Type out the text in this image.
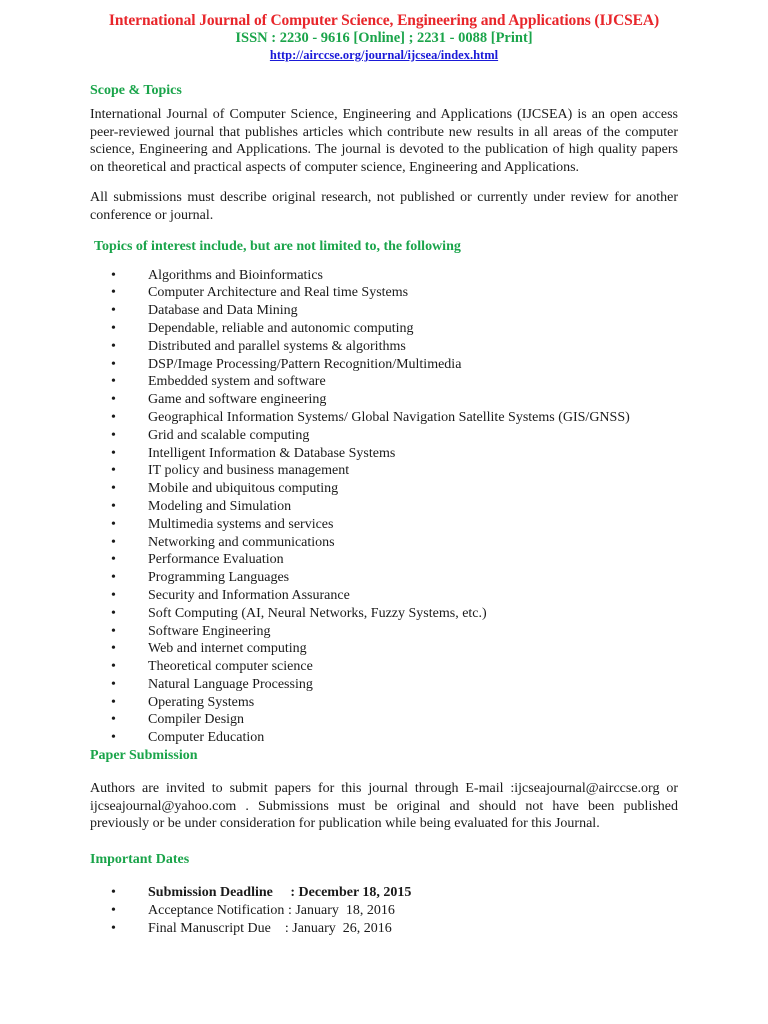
International Journal of Computer Science, Engineering and Applications (IJCSEA)
ISSN : 2230 - 9616 [Online] ; 2231 - 0088 [Print]
http://airccse.org/journal/ijcsea/index.html
Scope & Topics

International Journal of Computer Science, Engineering and Applications (IJCSEA) is an open access peer-reviewed journal that publishes articles which contribute new results in all areas of the computer science, Engineering and Applications. The journal is devoted to the publication of high quality papers on theoretical and practical aspects of computer science, Engineering and Applications.

All submissions must describe original research, not published or currently under review for another conference or journal.

Topics of interest include, but are not limited to, the following
• Algorithms and Bioinformatics
• Computer Architecture and Real time Systems
• Database and Data Mining
• Dependable, reliable and autonomic computing
• Distributed and parallel systems & algorithms
• DSP/Image Processing/Pattern Recognition/Multimedia
• Embedded system and software
• Game and software engineering
• Geographical Information Systems/ Global Navigation Satellite Systems (GIS/GNSS)
• Grid and scalable computing
• Intelligent Information & Database Systems
• IT policy and business management
• Mobile and ubiquitous computing
• Modeling and Simulation
• Multimedia systems and services
• Networking and communications
• Performance Evaluation
• Programming Languages
• Security and Information Assurance
• Soft Computing (AI, Neural Networks, Fuzzy Systems, etc.)
• Software Engineering
• Web and internet computing
• Theoretical computer science
• Natural Language Processing
• Operating Systems
• Compiler Design
• Computer Education
Paper Submission

Authors are invited to submit papers for this journal through E-mail :ijcseajournal@airccse.org or ijcseajournal@yahoo.com . Submissions must be original and should not have been published previously or be under consideration for publication while being evaluated for this Journal.

Important Dates
• Submission Deadline     : December 18, 2015
• Acceptance Notification : January  18, 2016
• Final Manuscript Due    : January  26, 2016
